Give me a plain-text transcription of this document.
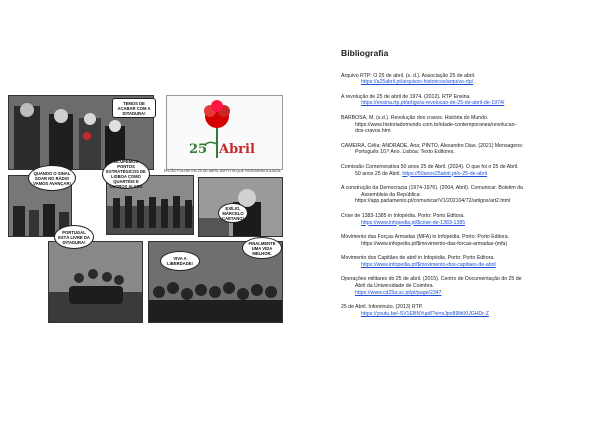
TEMOS DE ACABAR COM A DITADURA!
25 Abril
ENTÃO FOLHEI EM 25 DE ABRIL EM FOTA QUE PASSARAM A AJUDA.
QUANDO O SINAL SOAR NO RÁDIO VAMOS AVANÇAR!
OCUPEMOS PONTOS ESTRATÉGICOS DE LISBOA COMO QUARTÉIS E OUTROS ALVOS
EXÍLIO, MÁRCELO CAETANO!
PORTUGAL ESTÁ LIVRE DA DITADURA!
VIVA A LIBERDADE!
FINALMENTE UMA VIDA MELHOR.
Bibliografia
Arquivo RTP: O 25 de abril. (s. d.). Associação 25 de abril.
https://a25abril.pt/arquivos-historicos/arquivo-rtp/
A revolução de 25 de abril de 1974. (2012). RTP Ensina.
https://ensina.rtp.pt/artigo/a-revolucao-de-25-de-abril-de-1974/
BARBOSA, M. (s.d.). Revolução dos cravos. História do Mundo.
https://www.historiadomundo.com.br/idade-contemporanea/revolucao-
dos-cravos.htm
CAMEIRA, Célia; ANDRADE, Ana; PINTO, Alexandre Dias. (2021) Mensagens:
Português 10.º Ano. Lisboa: Texto Editores.
Comissão Comemorativa 50 anos 25 de Abril. (2024). O que foi o 25 de Abril.
50 anos 25 de Abril. https://50anos25abril.pt/o-25-de-abril
A construção da Democracia (1974-1976). (2004, Abril). Comunicar. Boletim da
Assembleia da República:
https://app.parlamento.pt/comunicar/V1/202104/72/artigos/art2.html
Crise de 1383-1385 in Infopédia. Porto: Porto Editora.
https://www.infopedia.pt/$crise-de-1383-1385
Movimento das Forças Armadas (MFA) in Infopédia. Porto: Porto Editora.
https://www.infopedia.pt/$movimento-das-forcas-armadas-(mfa)
Movimento dos Capitães de abril in Infopédia. Porto: Porto Editora.
https://www.infopedia.pt/$movimento-dos-capitaes-de-abril
Operações militares do 25 de abril. (2015). Centro de Documentação do 25 de
Abril da Universidade de Coimbra.
https://www.cd25a.uc.pt/pt/page/2347
25 de Abril. Infominuto. (2013) RTP.
https://youtu.be/-SV1EBNYup8?si=xJpo89lldXUGHDr-Z
